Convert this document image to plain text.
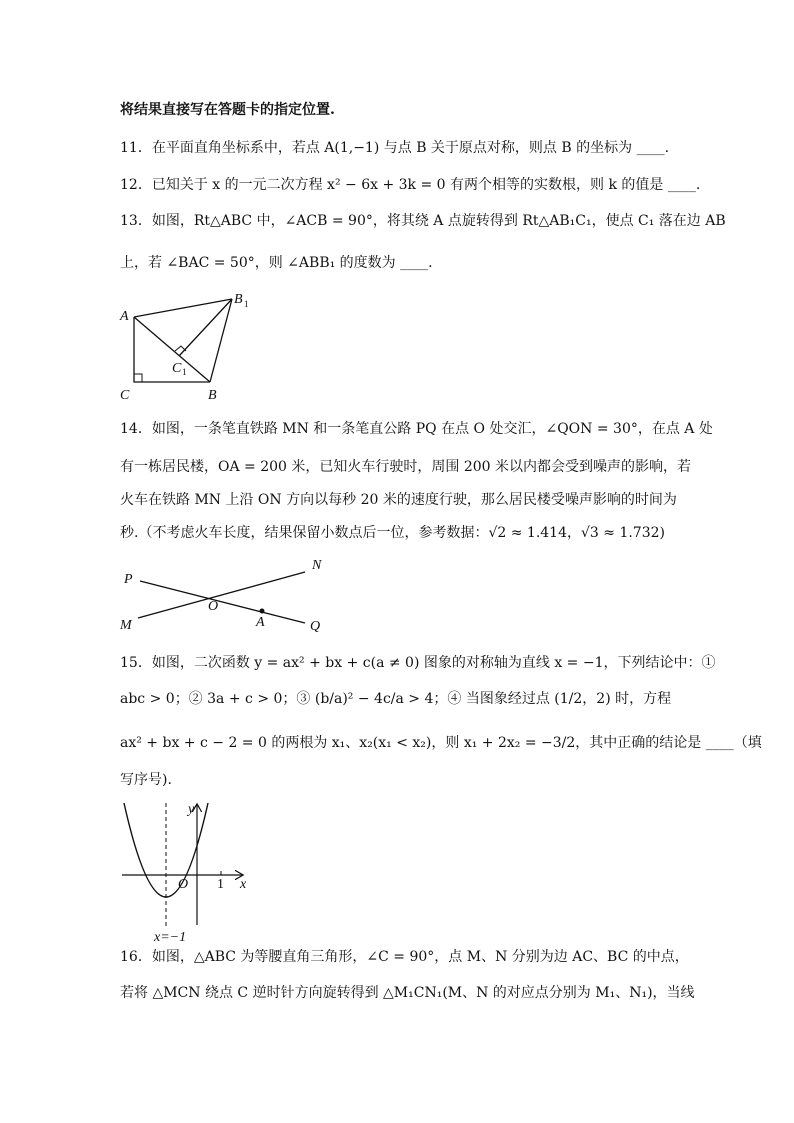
将结果直接写在答题卡的指定位置.
11．在平面直角坐标系中，若点 A(1,−1) 与点 B 关于原点对称，则点 B 的坐标为 ____.
12．已知关于 x 的一元二次方程 x² − 6x + 3k = 0 有两个相等的实数根，则 k 的值是 ____.
13．如图，Rt△ABC 中，∠ACB = 90°，将其绕 A 点旋转得到 Rt△AB₁C₁，使点 C₁ 落在边 AB
上，若 ∠BAC = 50°，则 ∠ABB₁ 的度数为 ____.
A
C	B
B 1
C 1
14．如图，一条笔直铁路 MN 和一条笔直公路 PQ 在点 O 处交汇，∠QON = 30°，在点 A 处
有一栋居民楼，OA = 200 米，已知火车行驶时，周围 200 米以内都会受到噪声的影响，若
火车在铁路 MN 上沿 ON 方向以每秒 20 米的速度行驶，那么居民楼受噪声影响的时间为
秒.（不考虑火车长度，结果保留小数点后一位，参考数据：√2 ≈ 1.414，√3 ≈ 1.732)
P
N
O
M	A	Q
15．如图，二次函数 y = ax² + bx + c(a ≠ 0) 图象的对称轴为直线 x = −1，下列结论中：①
abc > 0；② 3a + c > 0；③ (b/a)² − 4c/a > 4；④ 当图象经过点 (1/2，2) 时，方程
ax² + bx + c − 2 = 0 的两根为 x₁、x₂(x₁ < x₂)，则 x₁ + 2x₂ = −3/2，其中正确的结论是 ____（填
写序号).
y
O 1 x
x=−1
16．如图，△ABC 为等腰直角三角形，∠C = 90°，点 M、N 分别为边 AC、BC 的中点，
若将 △MCN 绕点 C 逆时针方向旋转得到 △M₁CN₁(M、N 的对应点分别为 M₁、N₁)，当线
